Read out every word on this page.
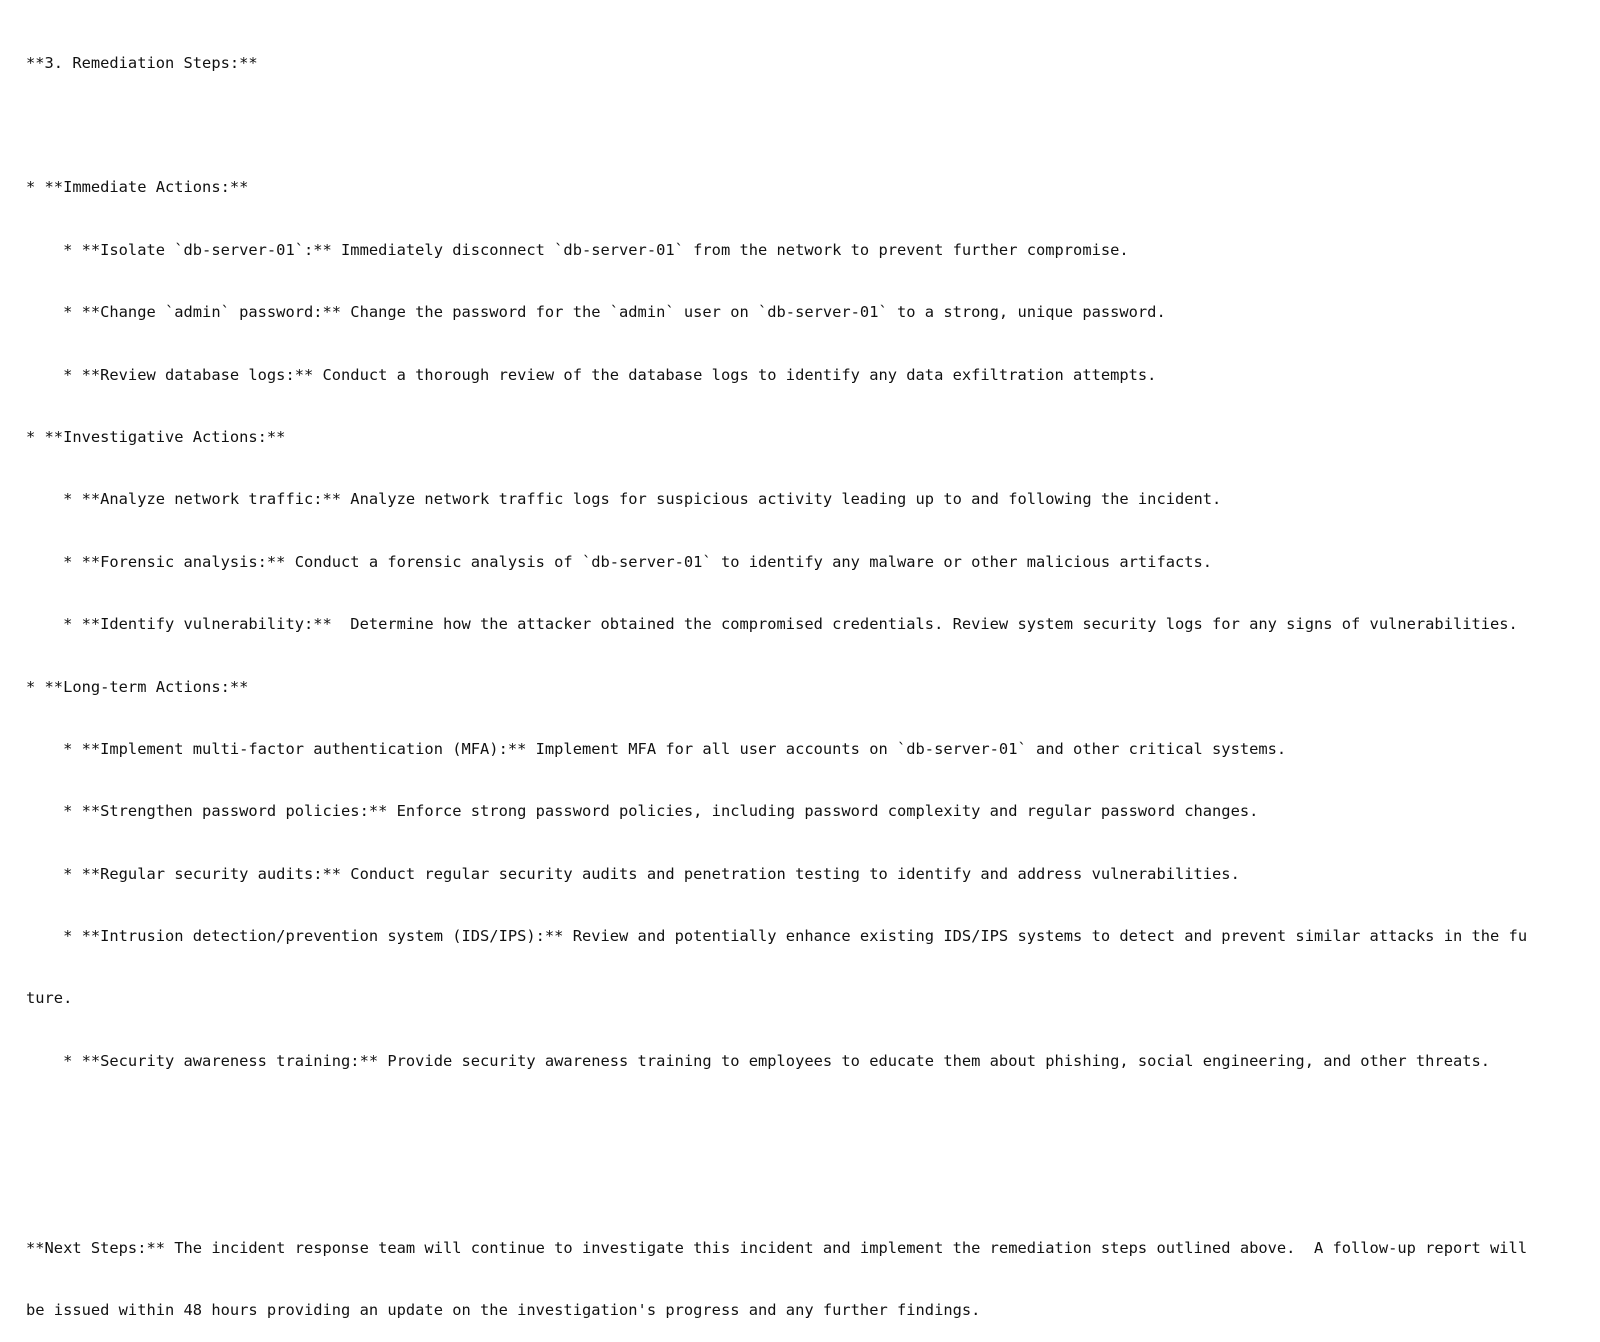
**3. Remediation Steps:**

* **Immediate Actions:**

* **Isolate `db-server-01`:** Immediately disconnect `db-server-01` from the network to prevent further compromise.

* **Change `admin` password:** Change the password for the `admin` user on `db-server-01` to a strong, unique password.

* **Review database logs:** Conduct a thorough review of the database logs to identify any data exfiltration attempts.

* **Investigative Actions:**

* **Analyze network traffic:** Analyze network traffic logs for suspicious activity leading up to and following the incident.

* **Forensic analysis:** Conduct a forensic analysis of `db-server-01` to identify any malware or other malicious artifacts.

* **Identify vulnerability:**  Determine how the attacker obtained the compromised credentials. Review system security logs for any signs of vulnerabilities.

* **Long-term Actions:**

* **Implement multi-factor authentication (MFA):** Implement MFA for all user accounts on `db-server-01` and other critical systems.

* **Strengthen password policies:** Enforce strong password policies, including password complexity and regular password changes.

* **Regular security audits:** Conduct regular security audits and penetration testing to identify and address vulnerabilities.

* **Intrusion detection/prevention system (IDS/IPS):** Review and potentially enhance existing IDS/IPS systems to detect and prevent similar attacks in the fu

ture.

* **Security awareness training:** Provide security awareness training to employees to educate them about phishing, social engineering, and other threats.

**Next Steps:** The incident response team will continue to investigate this incident and implement the remediation steps outlined above.  A follow-up report will

be issued within 48 hours providing an update on the investigation's progress and any further findings.
